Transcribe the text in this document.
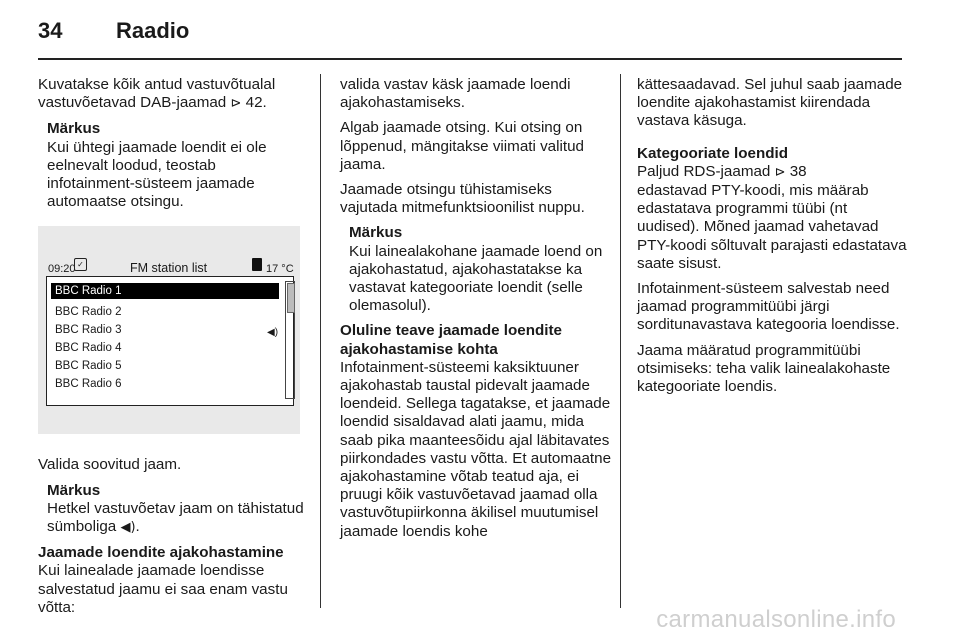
34	Raadio

Kuvatakse kõik antud vastuvõtualal vastuvõetavad DAB-jaamad ⊳ 42.

Märkus
Kui ühtegi jaamade loendit ei ole eelnevalt loodud, teostab infotainment-süsteem jaamade automaatse otsingu.
09:20 ✓	FM station list	17 °C
BBC Radio 1
BBC Radio 2
BBC Radio 3
BBC Radio 4
BBC Radio 5
BBC Radio 6
◀)

Valida soovitud jaam.

Märkus
Hetkel vastuvõetav jaam on tähistatud sümboliga ◀).
Jaamade loendite ajakohastamine

Kui lainealade jaamade loendisse salvestatud jaamu ei saa enam vastu võtta:

valida vastav käsk jaamade loendi ajakohastamiseks.

Algab jaamade otsing. Kui otsing on lõppenud, mängitakse viimati valitud jaama.

Jaamade otsingu tühistamiseks vajutada mitmefunktsioonilist nuppu.

Märkus
Kui lainealakohane jaamade loend on ajakohastatud, ajakohastatakse ka vastavat kategooriate loendit (selle olemasolul).
Oluline teave jaamade loendite ajakohastamise kohta

Infotainment-süsteemi kaksiktuuner ajakohastab taustal pidevalt jaamade loendeid. Sellega tagatakse, et jaamade loendid sisaldavad alati jaamu, mida saab pika maanteesõidu ajal läbitavates piirkondades vastu võtta. Et automaatne ajakohastamine võtab teatud aja, ei pruugi kõik vastuvõetavad jaamad olla vastuvõtupiirkonna äkilisel muutumisel jaamade loendis kohe

kättesaadavad. Sel juhul saab jaamade loendite ajakohastamist kiirendada vastava käsuga.

Kategooriate loendid

Paljud RDS-jaamad ⊳ 38
edastavad PTY-koodi, mis määrab edastatava programmi tüübi (nt uudised). Mõned jaamad vahetavad PTY-koodi sõltuvalt parajasti edastatava saate sisust.

Infotainment-süsteem salvestab need jaamad programmitüübi järgi sorditunavastava kategooria loendisse.

Jaama määratud programmitüübi otsimiseks: teha valik lainealakohaste kategooriate loendis.

carmanualsonline.info
